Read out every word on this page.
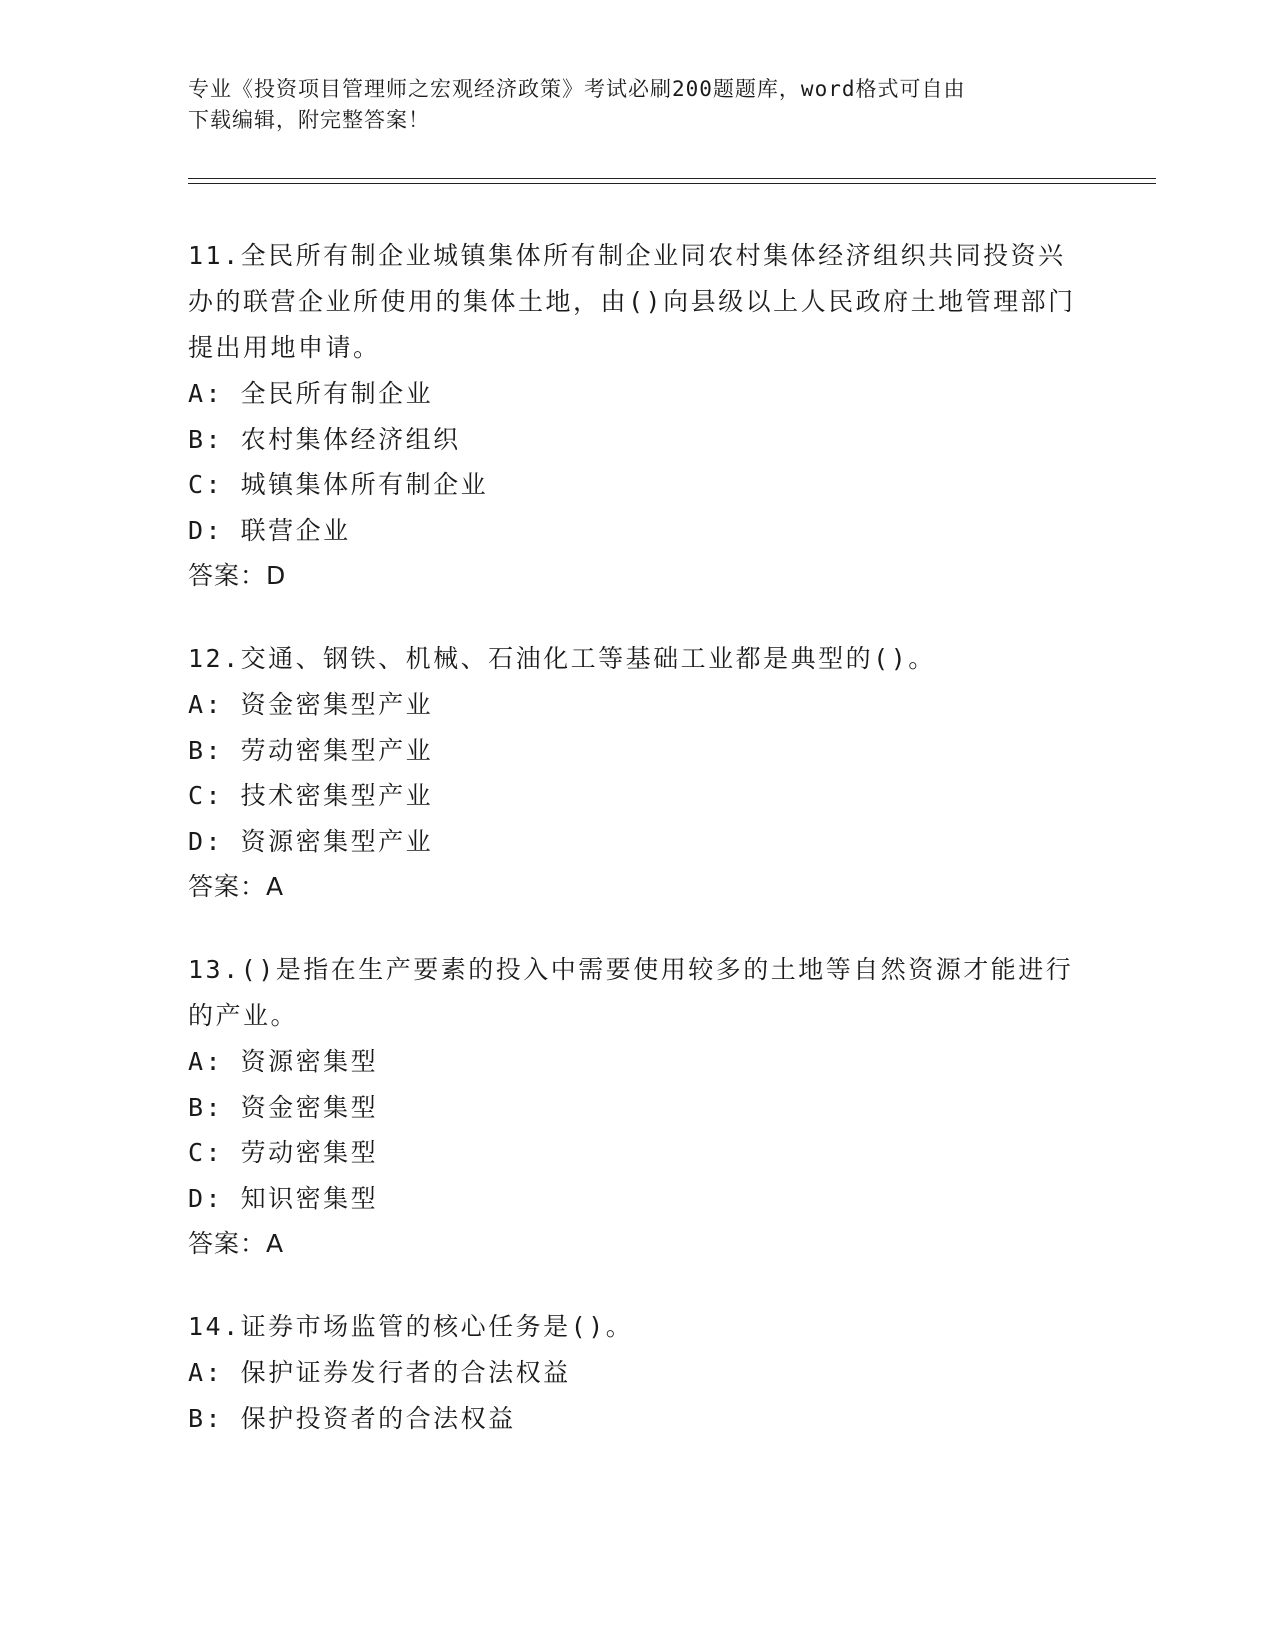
专业《投资项目管理师之宏观经济政策》考试必刷200题题库，word格式可自由
下载编辑，附完整答案！

11.全民所有制企业城镇集体所有制企业同农村集体经济组织共同投资兴办的联营企业所使用的集体土地，由()向县级以上人民政府土地管理部门提出用地申请。

A: 全民所有制企业

B: 农村集体经济组织

C: 城镇集体所有制企业

D: 联营企业

答案：D

12.交通、钢铁、机械、石油化工等基础工业都是典型的()。

A: 资金密集型产业

B: 劳动密集型产业

C: 技术密集型产业

D: 资源密集型产业

答案：A

13.()是指在生产要素的投入中需要使用较多的土地等自然资源才能进行的产业。

A: 资源密集型

B: 资金密集型

C: 劳动密集型

D: 知识密集型

答案：A

14.证券市场监管的核心任务是()。

A: 保护证券发行者的合法权益

B: 保护投资者的合法权益
